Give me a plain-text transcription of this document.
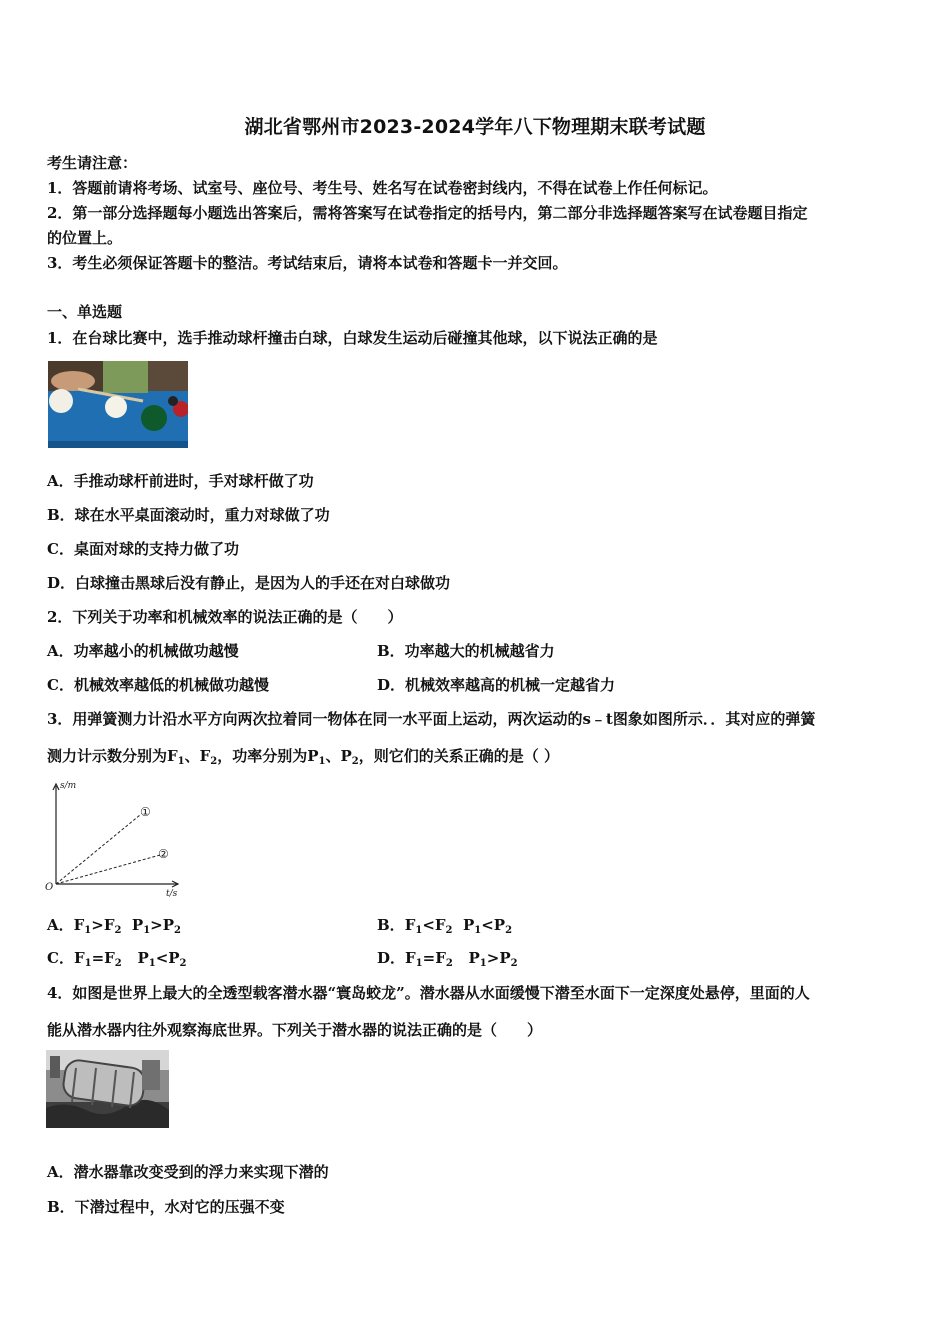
湖北省鄂州市2023-2024学年八下物理期末联考试题
考生请注意：
1．答题前请将考场、试室号、座位号、考生号、姓名写在试卷密封线内，不得在试卷上作任何标记。
2．第一部分选择题每小题选出答案后，需将答案写在试卷指定的括号内，第二部分非选择题答案写在试卷题目指定
的位置上。
3．考生必须保证答题卡的整洁。考试结束后，请将本试卷和答题卡一并交回。
一、单选题
1．在台球比赛中，选手推动球杆撞击白球，白球发生运动后碰撞其他球，以下说法正确的是
A．手推动球杆前进时，手对球杆做了功
B．球在水平桌面滚动时，重力对球做了功
C．桌面对球的支持力做了功
D．白球撞击黑球后没有静止，是因为人的手还在对白球做功
2．下列关于功率和机械效率的说法正确的是（　　）
A．功率越小的机械做功越慢	B．功率越大的机械越省力
C．机械效率越低的机械做功越慢	D．机械效率越高的机械一定越省力
3．用弹簧测力计沿水平方向两次拉着同一物体在同一水平面上运动，两次运动的s﹣t图象如图所示．．其对应的弹簧
测力计示数分别为$F_1$、$F_2$，功率分别为$P_1$、$P_2$，则它们的关系正确的是（ ）
s/m
t/s
O
①
②
A．$F_1>F_2$ $P_1>P_2$	B．$F_1<F_2$ $P_1<P_2$
C．$F_1=F_2$ $P_1<P_2$	D．$F_1=F_2$ $P_1>P_2$
4．如图是世界上最大的全透型载客潜水器“寰岛蛟龙”。潜水器从水面缓慢下潜至水面下一定深度处悬停，里面的人
能从潜水器内往外观察海底世界。下列关于潜水器的说法正确的是（　　）
A．潜水器靠改变受到的浮力来实现下潜的
B．下潜过程中，水对它的压强不变
